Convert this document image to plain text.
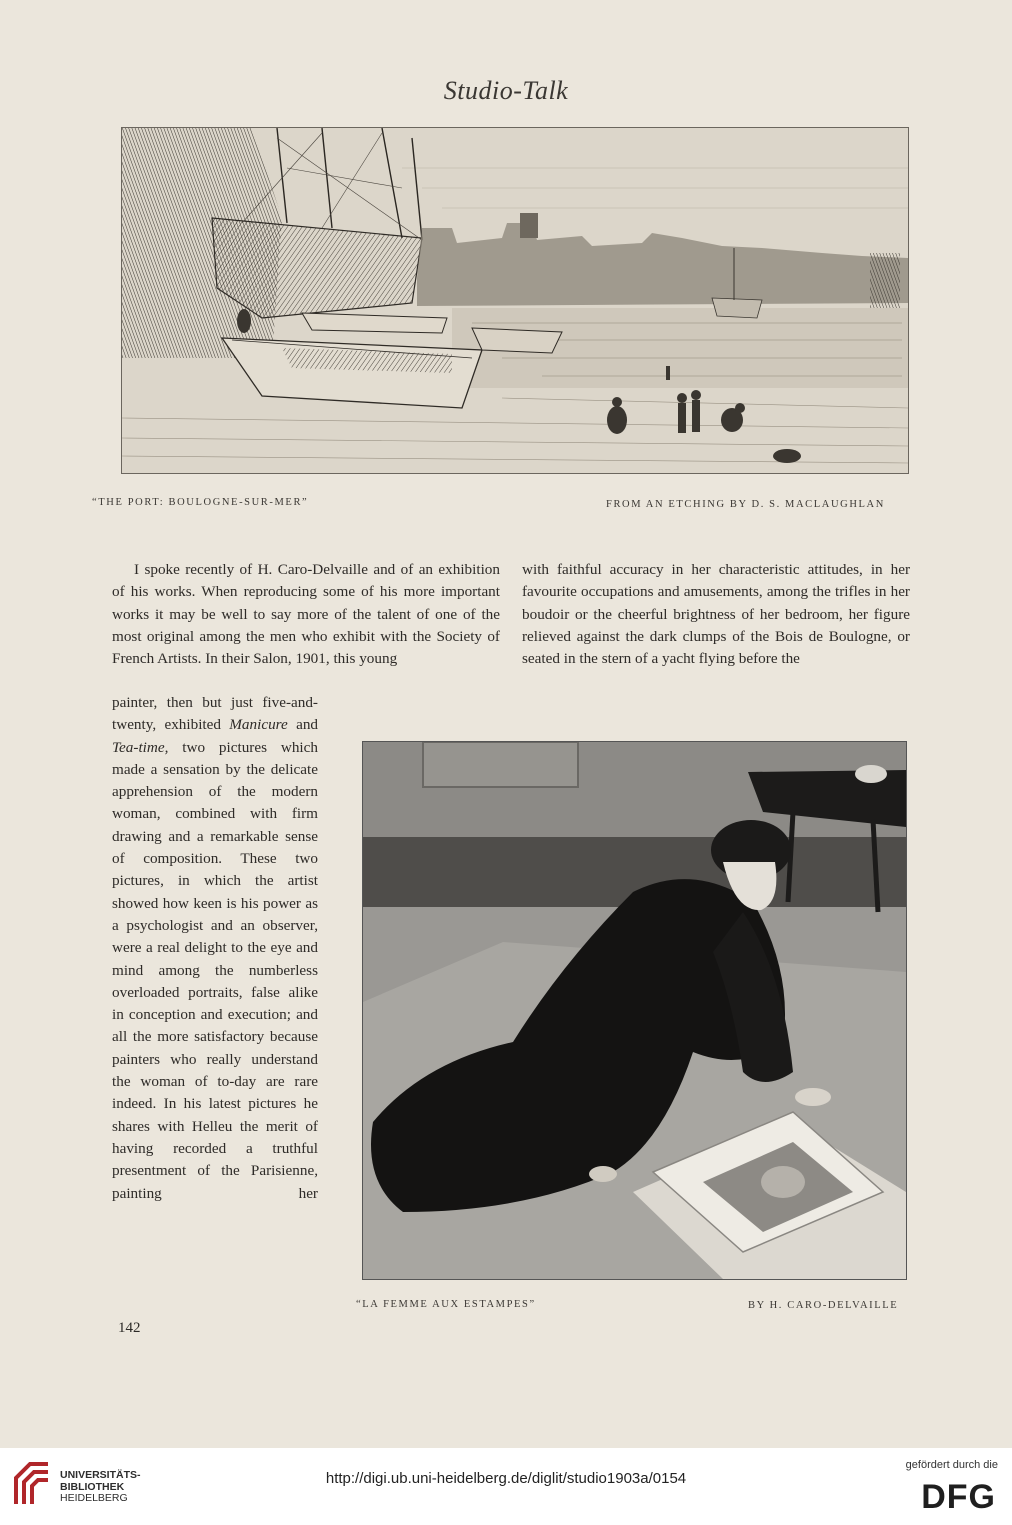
Studio-Talk
“THE PORT: BOULOGNE-SUR-MER”	FROM AN ETCHING BY D. S. MACLAUGHLAN

I spoke recently of H. Caro-Delvaille and of an exhibition of his works. When reproducing some of his more important works it may be well to say more of the talent of one of the most original among the men who exhibit with the Society of French Artists. In their Salon, 1901, this young

painter, then but just five-and-twenty, exhibited Manicure and Tea-time, two pictures which made a sensation by the delicate apprehension of the modern woman, combined with firm drawing and a remarkable sense of composition. These two pictures, in which the artist showed how keen is his power as a psychologist and an observer, were a real delight to the eye and mind among the numberless overloaded portraits, false alike in conception and execution; and all the more satisfactory because painters who really understand the woman of to-day are rare indeed. In his latest pictures he shares with Helleu the merit of having recorded a truthful presentment of the Parisienne, painting her

with faithful accuracy in her characteristic attitudes, in her favourite occupations and amusements, among the trifles in her boudoir or the cheerful brightness of her bedroom, her figure relieved against the dark clumps of the Bois de Boulogne, or seated in the stern of a yacht flying before the

“LA FEMME AUX ESTAMPES”	BY H. CARO-DELVAILLE
142
UNIVERSITÄTS-
BIBLIOTHEK
HEIDELBERG
http://digi.ub.uni-heidelberg.de/diglit/studio1903a/0154
gefördert durch die
DFG
